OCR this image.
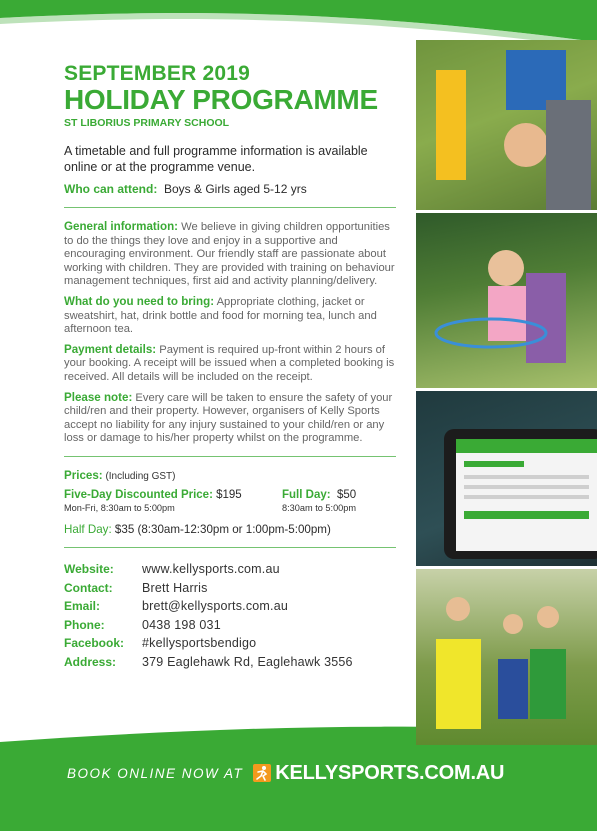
SEPTEMBER 2019
HOLIDAY PROGRAMME
ST LIBORIUS PRIMARY SCHOOL
A timetable and full programme information is available online or at the programme venue.
Who can attend: Boys & Girls aged 5-12 yrs
General information: We believe in giving children opportunities to do the things they love and enjoy in a supportive and encouraging environment. Our friendly staff are passionate about working with children. They are provided with training on behaviour management techniques, first aid and activity planning/delivery.
What do you need to bring: Appropriate clothing, jacket or sweatshirt, hat, drink bottle and food for morning tea, lunch and afternoon tea.
Payment details: Payment is required up-front within 2 hours of your booking. A receipt will be issued when a completed booking is received. All details will be included on the receipt.
Please note: Every care will be taken to ensure the safety of your child/ren and their property. However, organisers of Kelly Sports accept no liability for any injury sustained to your child/ren or any loss or damage to his/her property whilst on the programme.
Prices: (Including GST)
Five-Day Discounted Price: $195
Mon-Fri, 8:30am to 5:00pm
Full Day: $50
8:30am to 5:00pm
Half Day: $35 (8:30am-12:30pm or 1:00pm-5:00pm)
Website:	www.kellysports.com.au
Contact:	Brett Harris
Email:	brett@kellysports.com.au
Phone:	0438 198 031
Facebook:	#kellysportsbendigo
Address:	379 Eaglehawk Rd, Eaglehawk 3556
BOOK ONLINE NOW AT KELLYSPORTS.COM.AU
